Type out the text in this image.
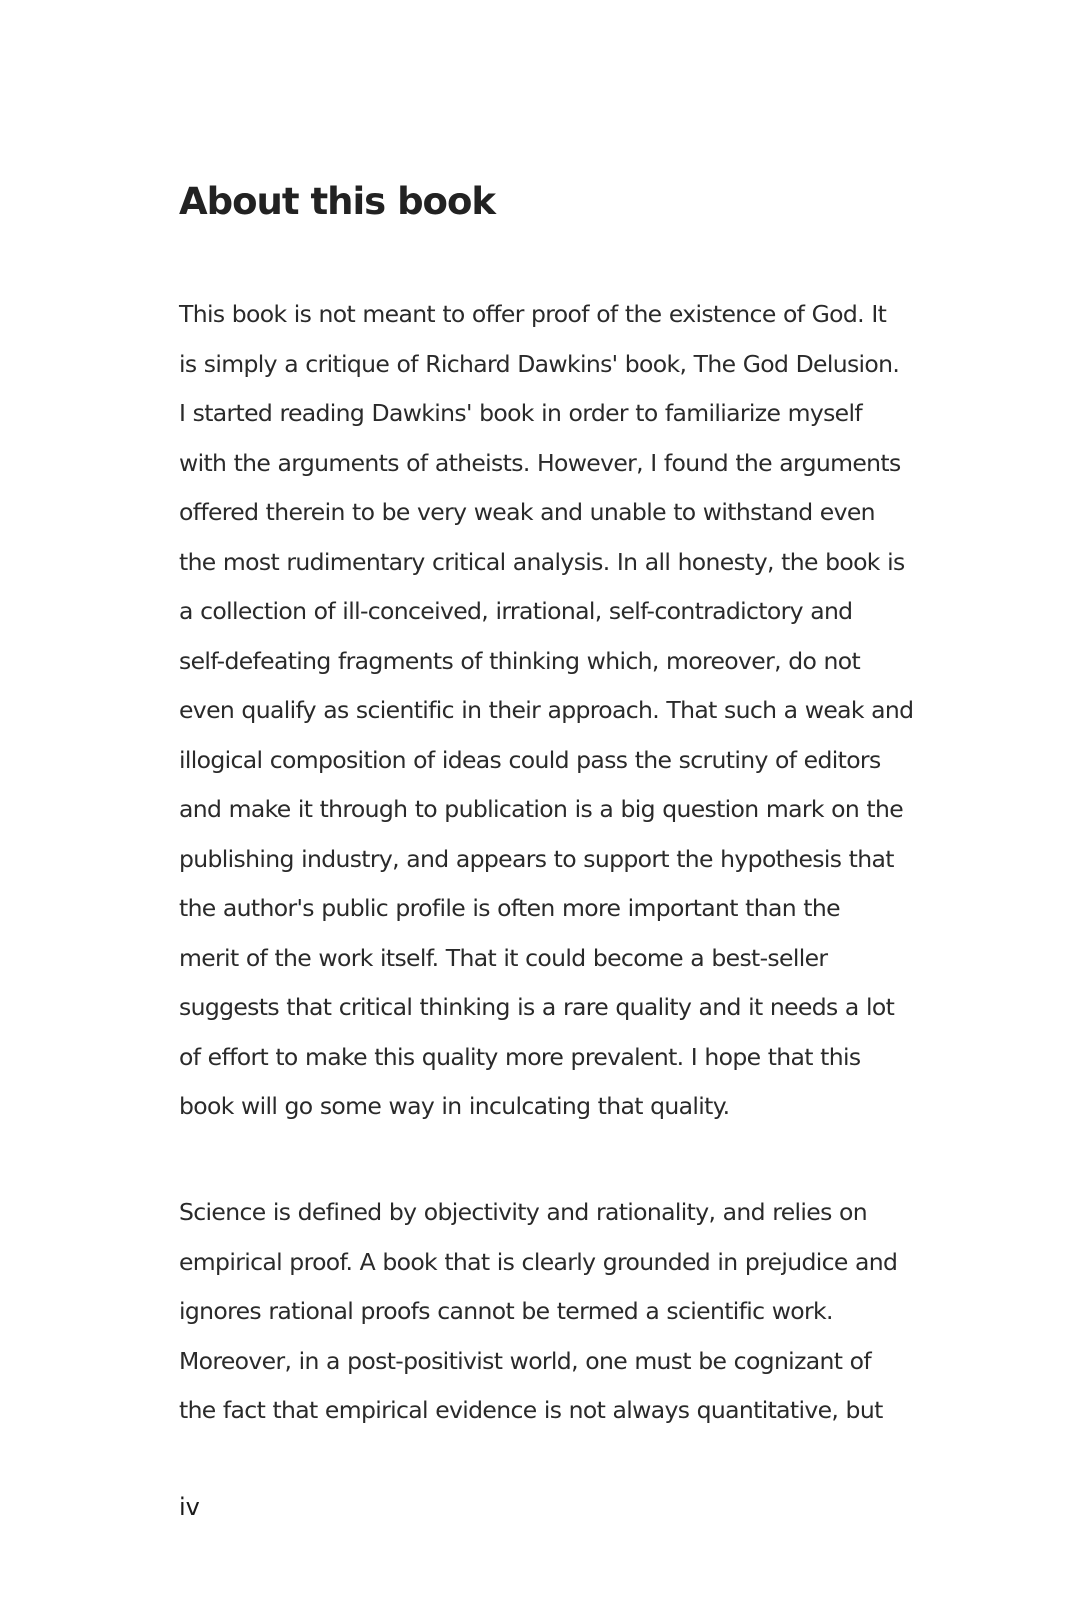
About this book

This book is not meant to offer proof of the existence of God. It
is simply a critique of Richard Dawkins' book, The God Delusion.
I started reading Dawkins' book in order to familiarize myself
with the arguments of atheists. However, I found the arguments
offered therein to be very weak and unable to withstand even
the most rudimentary critical analysis. In all honesty, the book is
a collection of ill-conceived, irrational, self-contradictory and
self-defeating fragments of thinking which, moreover, do not
even qualify as scientific in their approach. That such a weak and
illogical composition of ideas could pass the scrutiny of editors
and make it through to publication is a big question mark on the
publishing industry, and appears to support the hypothesis that
the author's public profile is often more important than the
merit of the work itself. That it could become a best-seller
suggests that critical thinking is a rare quality and it needs a lot
of effort to make this quality more prevalent. I hope that this
book will go some way in inculcating that quality.

Science is defined by objectivity and rationality, and relies on
empirical proof. A book that is clearly grounded in prejudice and
ignores rational proofs cannot be termed a scientific work.
Moreover, in a post-positivist world, one must be cognizant of
the fact that empirical evidence is not always quantitative, but

iv
